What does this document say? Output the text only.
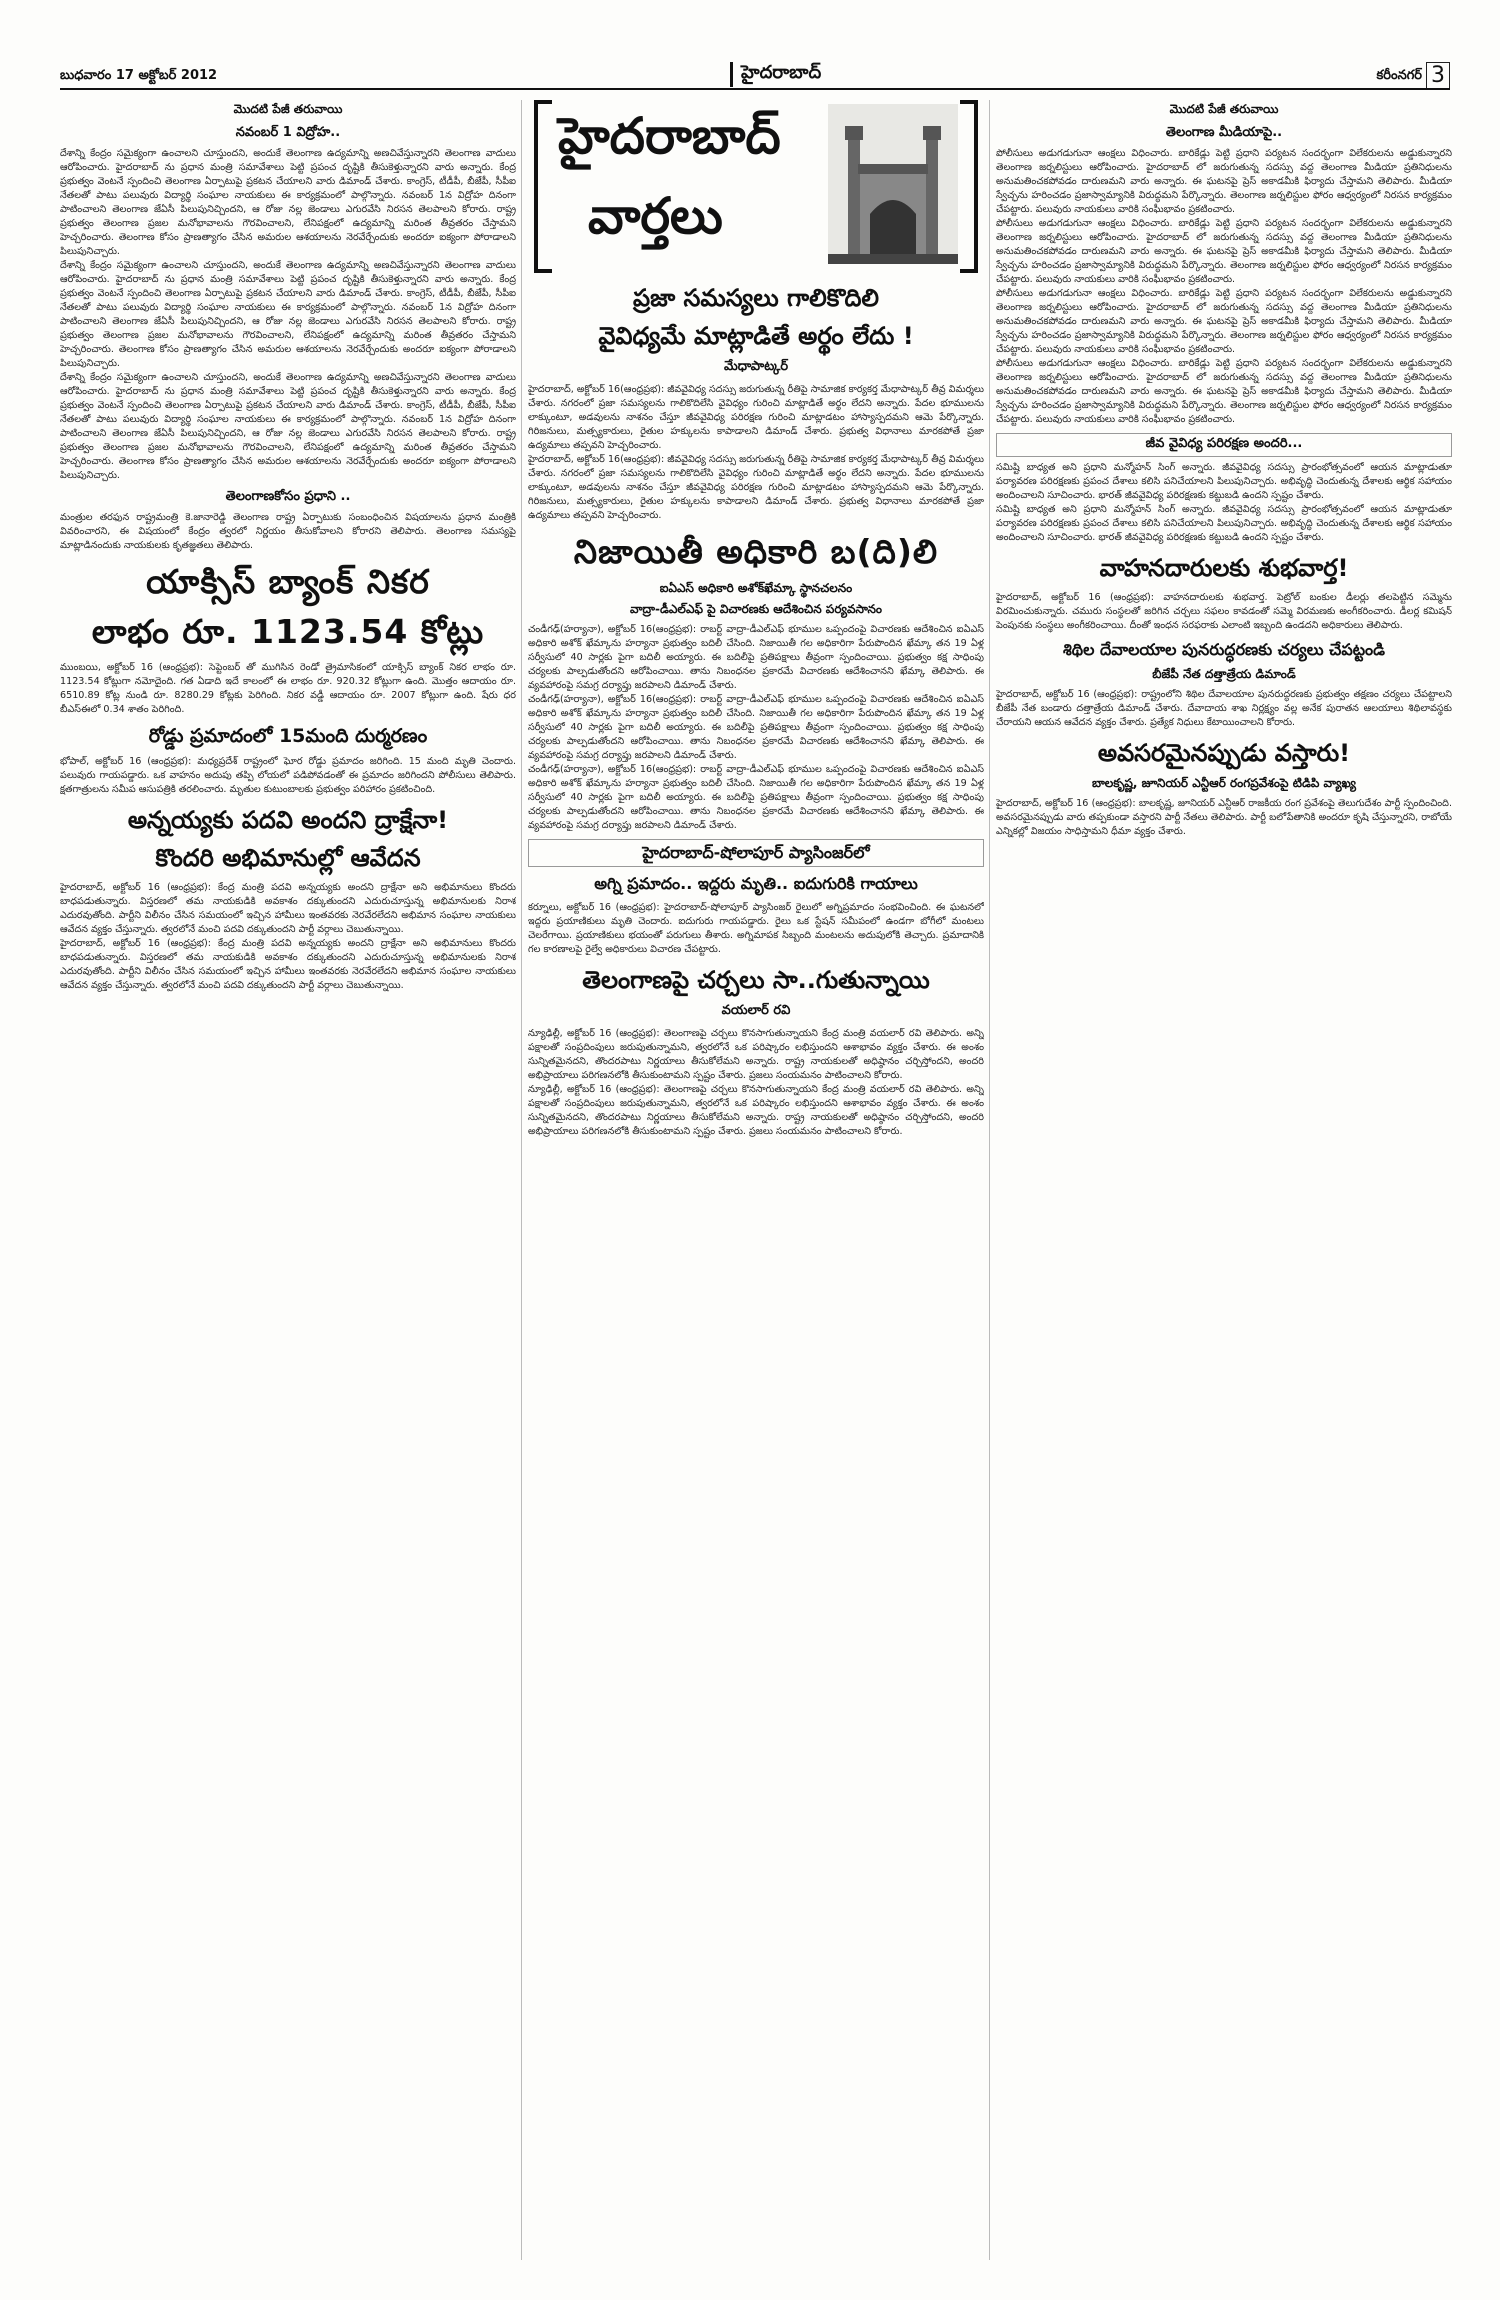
బుధవారం 17 అక్టోబర్ 2012	హైదరాబాద్	కరీంనగర్ 3
మొదటి పేజీ తరువాయి
నవంబర్ 1 విద్రోహ..

దేశాన్ని కేంద్రం సమైక్యంగా ఉంచాలని చూస్తుందని, అందుకే తెలంగాణ ఉద్యమాన్ని అణచివేస్తున్నారని తెలంగాణ వాదులు ఆరోపించారు. హైదరాబాద్ ను ప్రధాన మంత్రి సమావేశాలు పెట్టి ప్రపంచ దృష్టికి తీసుకెళ్తున్నారని వారు అన్నారు. కేంద్ర ప్రభుత్వం వెంటనే స్పందించి తెలంగాణ ఏర్పాటుపై ప్రకటన చేయాలని వారు డిమాండ్ చేశారు. కాంగ్రెస్, టీడీపీ, బీజేపీ, సీపీఐ నేతలతో పాటు పలువురు విద్యార్థి సంఘాల నాయకులు ఈ కార్యక్రమంలో పాల్గొన్నారు. నవంబర్ 1న విద్రోహ దినంగా పాటించాలని తెలంగాణ జేఏసీ పిలుపునిచ్చిందని, ఆ రోజు నల్ల జెండాలు ఎగురవేసి నిరసన తెలపాలని కోరారు. రాష్ట్ర ప్రభుత్వం తెలంగాణ ప్రజల మనోభావాలను గౌరవించాలని, లేనిపక్షంలో ఉద్యమాన్ని మరింత తీవ్రతరం చేస్తామని హెచ్చరించారు. తెలంగాణ కోసం ప్రాణత్యాగం చేసిన అమరుల ఆశయాలను నెరవేర్చేందుకు అందరూ ఐక్యంగా పోరాడాలని పిలుపునిచ్చారు.

దేశాన్ని కేంద్రం సమైక్యంగా ఉంచాలని చూస్తుందని, అందుకే తెలంగాణ ఉద్యమాన్ని అణచివేస్తున్నారని తెలంగాణ వాదులు ఆరోపించారు. హైదరాబాద్ ను ప్రధాన మంత్రి సమావేశాలు పెట్టి ప్రపంచ దృష్టికి తీసుకెళ్తున్నారని వారు అన్నారు. కేంద్ర ప్రభుత్వం వెంటనే స్పందించి తెలంగాణ ఏర్పాటుపై ప్రకటన చేయాలని వారు డిమాండ్ చేశారు. కాంగ్రెస్, టీడీపీ, బీజేపీ, సీపీఐ నేతలతో పాటు పలువురు విద్యార్థి సంఘాల నాయకులు ఈ కార్యక్రమంలో పాల్గొన్నారు. నవంబర్ 1న విద్రోహ దినంగా పాటించాలని తెలంగాణ జేఏసీ పిలుపునిచ్చిందని, ఆ రోజు నల్ల జెండాలు ఎగురవేసి నిరసన తెలపాలని కోరారు. రాష్ట్ర ప్రభుత్వం తెలంగాణ ప్రజల మనోభావాలను గౌరవించాలని, లేనిపక్షంలో ఉద్యమాన్ని మరింత తీవ్రతరం చేస్తామని హెచ్చరించారు. తెలంగాణ కోసం ప్రాణత్యాగం చేసిన అమరుల ఆశయాలను నెరవేర్చేందుకు అందరూ ఐక్యంగా పోరాడాలని పిలుపునిచ్చారు.

దేశాన్ని కేంద్రం సమైక్యంగా ఉంచాలని చూస్తుందని, అందుకే తెలంగాణ ఉద్యమాన్ని అణచివేస్తున్నారని తెలంగాణ వాదులు ఆరోపించారు. హైదరాబాద్ ను ప్రధాన మంత్రి సమావేశాలు పెట్టి ప్రపంచ దృష్టికి తీసుకెళ్తున్నారని వారు అన్నారు. కేంద్ర ప్రభుత్వం వెంటనే స్పందించి తెలంగాణ ఏర్పాటుపై ప్రకటన చేయాలని వారు డిమాండ్ చేశారు. కాంగ్రెస్, టీడీపీ, బీజేపీ, సీపీఐ నేతలతో పాటు పలువురు విద్యార్థి సంఘాల నాయకులు ఈ కార్యక్రమంలో పాల్గొన్నారు. నవంబర్ 1న విద్రోహ దినంగా పాటించాలని తెలంగాణ జేఏసీ పిలుపునిచ్చిందని, ఆ రోజు నల్ల జెండాలు ఎగురవేసి నిరసన తెలపాలని కోరారు. రాష్ట్ర ప్రభుత్వం తెలంగాణ ప్రజల మనోభావాలను గౌరవించాలని, లేనిపక్షంలో ఉద్యమాన్ని మరింత తీవ్రతరం చేస్తామని హెచ్చరించారు. తెలంగాణ కోసం ప్రాణత్యాగం చేసిన అమరుల ఆశయాలను నెరవేర్చేందుకు అందరూ ఐక్యంగా పోరాడాలని పిలుపునిచ్చారు.

తెలంగాణకోసం ప్రధాని ..

మంత్రుల తరఫున రాష్ట్రమంత్రి కె.జానారెడ్డి తెలంగాణ రాష్ట్ర ఏర్పాటుకు సంబంధించిన విషయాలను ప్రధాన మంత్రికి వివరించారని, ఈ విషయంలో కేంద్రం త్వరలో నిర్ణయం తీసుకోవాలని కోరారని తెలిపారు. తెలంగాణ సమస్యపై మాట్లాడినందుకు నాయకులకు కృతజ్ఞతలు తెలిపారు.

యాక్సిస్ బ్యాంక్ నికర
లాభం రూ. 1123.54 కోట్లు

ముంబయి, అక్టోబర్ 16 (ఆంధ్రప్రభ): సెప్టెంబర్ తో ముగిసిన రెండో త్రైమాసికంలో యాక్సిస్ బ్యాంక్ నికర లాభం రూ. 1123.54 కోట్లుగా నమోదైంది. గత ఏడాది ఇదే కాలంలో ఈ లాభం రూ. 920.32 కోట్లుగా ఉంది. మొత్తం ఆదాయం రూ. 6510.89 కోట్ల నుండి రూ. 8280.29 కోట్లకు పెరిగింది. నికర వడ్డీ ఆదాయం రూ. 2007 కోట్లుగా ఉంది. షేరు ధర బీఎస్ఈలో 0.34 శాతం పెరిగింది.

రోడ్డు ప్రమాదంలో 15మంది దుర్మరణం

భోపాల్, అక్టోబర్ 16 (ఆంధ్రప్రభ): మధ్యప్రదేశ్ రాష్ట్రంలో ఘోర రోడ్డు ప్రమాదం జరిగింది. 15 మంది మృతి చెందారు. పలువురు గాయపడ్డారు. ఒక వాహనం అదుపు తప్పి లోయలో పడిపోవడంతో ఈ ప్రమాదం జరిగిందని పోలీసులు తెలిపారు. క్షతగాత్రులను సమీప ఆసుపత్రికి తరలించారు. మృతుల కుటుంబాలకు ప్రభుత్వం పరిహారం ప్రకటించింది.

అన్నయ్యకు పదవి అందని ద్రాక్షేనా!
కొందరి అభిమానుల్లో ఆవేదన

హైదరాబాద్, అక్టోబర్ 16 (ఆంధ్రప్రభ): కేంద్ర మంత్రి పదవి అన్నయ్యకు అందని ద్రాక్షేనా అని అభిమానులు కొందరు బాధపడుతున్నారు. విస్తరణలో తమ నాయకుడికి అవకాశం దక్కుతుందని ఎదురుచూస్తున్న అభిమానులకు నిరాశ ఎదురవుతోంది. పార్టీని విలీనం చేసిన సమయంలో ఇచ్చిన హామీలు ఇంతవరకు నెరవేరలేదని అభిమాన సంఘాల నాయకులు ఆవేదన వ్యక్తం చేస్తున్నారు. త్వరలోనే మంచి పదవి దక్కుతుందని పార్టీ వర్గాలు చెబుతున్నాయి.

హైదరాబాద్, అక్టోబర్ 16 (ఆంధ్రప్రభ): కేంద్ర మంత్రి పదవి అన్నయ్యకు అందని ద్రాక్షేనా అని అభిమానులు కొందరు బాధపడుతున్నారు. విస్తరణలో తమ నాయకుడికి అవకాశం దక్కుతుందని ఎదురుచూస్తున్న అభిమానులకు నిరాశ ఎదురవుతోంది. పార్టీని విలీనం చేసిన సమయంలో ఇచ్చిన హామీలు ఇంతవరకు నెరవేరలేదని అభిమాన సంఘాల నాయకులు ఆవేదన వ్యక్తం చేస్తున్నారు. త్వరలోనే మంచి పదవి దక్కుతుందని పార్టీ వర్గాలు చెబుతున్నాయి.

హైదరాబాద్
వార్తలు
ప్రజా సమస్యలు గాలికొదిలి
వైవిధ్యమే మాట్లాడితే అర్థం లేదు !
మేధాపాట్కర్

హైదరాబాద్, అక్టోబర్ 16(ఆంధ్రప్రభ): జీవవైవిధ్య సదస్సు జరుగుతున్న రీతిపై సామాజిక కార్యకర్త మేధాపాట్కర్ తీవ్ర విమర్శలు చేశారు. నగరంలో ప్రజా సమస్యలను గాలికొదిలేసి వైవిధ్యం గురించి మాట్లాడితే అర్థం లేదని అన్నారు. పేదల భూములను లాక్కుంటూ, అడవులను నాశనం చేస్తూ జీవవైవిధ్య పరిరక్షణ గురించి మాట్లాడటం హాస్యాస్పదమని ఆమె పేర్కొన్నారు. గిరిజనులు, మత్స్యకారులు, రైతుల హక్కులను కాపాడాలని డిమాండ్ చేశారు. ప్రభుత్వ విధానాలు మారకపోతే ప్రజా ఉద్యమాలు తప్పవని హెచ్చరించారు.

హైదరాబాద్, అక్టోబర్ 16(ఆంధ్రప్రభ): జీవవైవిధ్య సదస్సు జరుగుతున్న రీతిపై సామాజిక కార్యకర్త మేధాపాట్కర్ తీవ్ర విమర్శలు చేశారు. నగరంలో ప్రజా సమస్యలను గాలికొదిలేసి వైవిధ్యం గురించి మాట్లాడితే అర్థం లేదని అన్నారు. పేదల భూములను లాక్కుంటూ, అడవులను నాశనం చేస్తూ జీవవైవిధ్య పరిరక్షణ గురించి మాట్లాడటం హాస్యాస్పదమని ఆమె పేర్కొన్నారు. గిరిజనులు, మత్స్యకారులు, రైతుల హక్కులను కాపాడాలని డిమాండ్ చేశారు. ప్రభుత్వ విధానాలు మారకపోతే ప్రజా ఉద్యమాలు తప్పవని హెచ్చరించారు.

నిజాయితీ అధికారి బ(ది)లి
ఐఏఎస్ అధికారి అశోక్‌ఖేమ్కా స్థానచలనం
వాద్రా-డీఎల్ఎఫ్ పై విచారణకు ఆదేశించిన పర్యవసానం

చండీగఢ్(హర్యానా), అక్టోబర్ 16(ఆంధ్రప్రభ): రాబర్ట్ వాద్రా-డీఎల్ఎఫ్ భూముల ఒప్పందంపై విచారణకు ఆదేశించిన ఐఏఎస్ అధికారి అశోక్ ఖేమ్కాను హర్యానా ప్రభుత్వం బదిలీ చేసింది. నిజాయితీ గల అధికారిగా పేరుపొందిన ఖేమ్కా తన 19 ఏళ్ల సర్వీసులో 40 సార్లకు పైగా బదిలీ అయ్యారు. ఈ బదిలీపై ప్రతిపక్షాలు తీవ్రంగా స్పందించాయి. ప్రభుత్వం కక్ష సాధింపు చర్యలకు పాల్పడుతోందని ఆరోపించాయి. తాను నిబంధనల ప్రకారమే విచారణకు ఆదేశించానని ఖేమ్కా తెలిపారు. ఈ వ్యవహారంపై సమగ్ర దర్యాప్తు జరపాలని డిమాండ్ చేశారు.

చండీగఢ్(హర్యానా), అక్టోబర్ 16(ఆంధ్రప్రభ): రాబర్ట్ వాద్రా-డీఎల్ఎఫ్ భూముల ఒప్పందంపై విచారణకు ఆదేశించిన ఐఏఎస్ అధికారి అశోక్ ఖేమ్కాను హర్యానా ప్రభుత్వం బదిలీ చేసింది. నిజాయితీ గల అధికారిగా పేరుపొందిన ఖేమ్కా తన 19 ఏళ్ల సర్వీసులో 40 సార్లకు పైగా బదిలీ అయ్యారు. ఈ బదిలీపై ప్రతిపక్షాలు తీవ్రంగా స్పందించాయి. ప్రభుత్వం కక్ష సాధింపు చర్యలకు పాల్పడుతోందని ఆరోపించాయి. తాను నిబంధనల ప్రకారమే విచారణకు ఆదేశించానని ఖేమ్కా తెలిపారు. ఈ వ్యవహారంపై సమగ్ర దర్యాప్తు జరపాలని డిమాండ్ చేశారు.

చండీగఢ్(హర్యానా), అక్టోబర్ 16(ఆంధ్రప్రభ): రాబర్ట్ వాద్రా-డీఎల్ఎఫ్ భూముల ఒప్పందంపై విచారణకు ఆదేశించిన ఐఏఎస్ అధికారి అశోక్ ఖేమ్కాను హర్యానా ప్రభుత్వం బదిలీ చేసింది. నిజాయితీ గల అధికారిగా పేరుపొందిన ఖేమ్కా తన 19 ఏళ్ల సర్వీసులో 40 సార్లకు పైగా బదిలీ అయ్యారు. ఈ బదిలీపై ప్రతిపక్షాలు తీవ్రంగా స్పందించాయి. ప్రభుత్వం కక్ష సాధింపు చర్యలకు పాల్పడుతోందని ఆరోపించాయి. తాను నిబంధనల ప్రకారమే విచారణకు ఆదేశించానని ఖేమ్కా తెలిపారు. ఈ వ్యవహారంపై సమగ్ర దర్యాప్తు జరపాలని డిమాండ్ చేశారు.

హైదరాబాద్-షోలాపూర్ ప్యాసింజర్‌లో
అగ్ని ప్రమాదం.. ఇద్దరు మృతి.. ఐదుగురికి గాయాలు

కర్నూలు, అక్టోబర్ 16 (ఆంధ్రప్రభ): హైదరాబాద్-షోలాపూర్ ప్యాసింజర్ రైలులో అగ్నిప్రమాదం సంభవించింది. ఈ ఘటనలో ఇద్దరు ప్రయాణికులు మృతి చెందారు. ఐదుగురు గాయపడ్డారు. రైలు ఒక స్టేషన్ సమీపంలో ఉండగా బోగీలో మంటలు చెలరేగాయి. ప్రయాణికులు భయంతో పరుగులు తీశారు. అగ్నిమాపక సిబ్బంది మంటలను అదుపులోకి తెచ్చారు. ప్రమాదానికి గల కారణాలపై రైల్వే అధికారులు విచారణ చేపట్టారు.

తెలంగాణపై చర్చలు సా..గుతున్నాయి
వయలార్ రవి

న్యూఢిల్లీ, అక్టోబర్ 16 (ఆంధ్రప్రభ): తెలంగాణపై చర్చలు కొనసాగుతున్నాయని కేంద్ర మంత్రి వయలార్ రవి తెలిపారు. అన్ని పక్షాలతో సంప్రదింపులు జరుపుతున్నామని, త్వరలోనే ఒక పరిష్కారం లభిస్తుందని ఆశాభావం వ్యక్తం చేశారు. ఈ అంశం సున్నితమైనదని, తొందరపాటు నిర్ణయాలు తీసుకోలేమని అన్నారు. రాష్ట్ర నాయకులతో అధిష్ఠానం చర్చిస్తోందని, అందరి అభిప్రాయాలు పరిగణనలోకి తీసుకుంటామని స్పష్టం చేశారు. ప్రజలు సంయమనం పాటించాలని కోరారు.

న్యూఢిల్లీ, అక్టోబర్ 16 (ఆంధ్రప్రభ): తెలంగాణపై చర్చలు కొనసాగుతున్నాయని కేంద్ర మంత్రి వయలార్ రవి తెలిపారు. అన్ని పక్షాలతో సంప్రదింపులు జరుపుతున్నామని, త్వరలోనే ఒక పరిష్కారం లభిస్తుందని ఆశాభావం వ్యక్తం చేశారు. ఈ అంశం సున్నితమైనదని, తొందరపాటు నిర్ణయాలు తీసుకోలేమని అన్నారు. రాష్ట్ర నాయకులతో అధిష్ఠానం చర్చిస్తోందని, అందరి అభిప్రాయాలు పరిగణనలోకి తీసుకుంటామని స్పష్టం చేశారు. ప్రజలు సంయమనం పాటించాలని కోరారు.

మొదటి పేజీ తరువాయి
తెలంగాణ మీడియాపై..

పోలీసులు అడుగడుగునా ఆంక్షలు విధించారు. బారికేడ్లు పెట్టి ప్రధాని పర్యటన సందర్భంగా విలేకరులను అడ్డుకున్నారని తెలంగాణ జర్నలిస్టులు ఆరోపించారు. హైదరాబాద్ లో జరుగుతున్న సదస్సు వద్ద తెలంగాణ మీడియా ప్రతినిధులను అనుమతించకపోవడం దారుణమని వారు అన్నారు. ఈ ఘటనపై ప్రెస్ అకాడమీకి ఫిర్యాదు చేస్తామని తెలిపారు. మీడియా స్వేచ్ఛను హరించడం ప్రజాస్వామ్యానికి విరుద్ధమని పేర్కొన్నారు. తెలంగాణ జర్నలిస్టుల ఫోరం ఆధ్వర్యంలో నిరసన కార్యక్రమం చేపట్టారు. పలువురు నాయకులు వారికి సంఘీభావం ప్రకటించారు.

పోలీసులు అడుగడుగునా ఆంక్షలు విధించారు. బారికేడ్లు పెట్టి ప్రధాని పర్యటన సందర్భంగా విలేకరులను అడ్డుకున్నారని తెలంగాణ జర్నలిస్టులు ఆరోపించారు. హైదరాబాద్ లో జరుగుతున్న సదస్సు వద్ద తెలంగాణ మీడియా ప్రతినిధులను అనుమతించకపోవడం దారుణమని వారు అన్నారు. ఈ ఘటనపై ప్రెస్ అకాడమీకి ఫిర్యాదు చేస్తామని తెలిపారు. మీడియా స్వేచ్ఛను హరించడం ప్రజాస్వామ్యానికి విరుద్ధమని పేర్కొన్నారు. తెలంగాణ జర్నలిస్టుల ఫోరం ఆధ్వర్యంలో నిరసన కార్యక్రమం చేపట్టారు. పలువురు నాయకులు వారికి సంఘీభావం ప్రకటించారు.

పోలీసులు అడుగడుగునా ఆంక్షలు విధించారు. బారికేడ్లు పెట్టి ప్రధాని పర్యటన సందర్భంగా విలేకరులను అడ్డుకున్నారని తెలంగాణ జర్నలిస్టులు ఆరోపించారు. హైదరాబాద్ లో జరుగుతున్న సదస్సు వద్ద తెలంగాణ మీడియా ప్రతినిధులను అనుమతించకపోవడం దారుణమని వారు అన్నారు. ఈ ఘటనపై ప్రెస్ అకాడమీకి ఫిర్యాదు చేస్తామని తెలిపారు. మీడియా స్వేచ్ఛను హరించడం ప్రజాస్వామ్యానికి విరుద్ధమని పేర్కొన్నారు. తెలంగాణ జర్నలిస్టుల ఫోరం ఆధ్వర్యంలో నిరసన కార్యక్రమం చేపట్టారు. పలువురు నాయకులు వారికి సంఘీభావం ప్రకటించారు.

పోలీసులు అడుగడుగునా ఆంక్షలు విధించారు. బారికేడ్లు పెట్టి ప్రధాని పర్యటన సందర్భంగా విలేకరులను అడ్డుకున్నారని తెలంగాణ జర్నలిస్టులు ఆరోపించారు. హైదరాబాద్ లో జరుగుతున్న సదస్సు వద్ద తెలంగాణ మీడియా ప్రతినిధులను అనుమతించకపోవడం దారుణమని వారు అన్నారు. ఈ ఘటనపై ప్రెస్ అకాడమీకి ఫిర్యాదు చేస్తామని తెలిపారు. మీడియా స్వేచ్ఛను హరించడం ప్రజాస్వామ్యానికి విరుద్ధమని పేర్కొన్నారు. తెలంగాణ జర్నలిస్టుల ఫోరం ఆధ్వర్యంలో నిరసన కార్యక్రమం చేపట్టారు. పలువురు నాయకులు వారికి సంఘీభావం ప్రకటించారు.

జీవ వైవిధ్య పరిరక్షణ అందరి...

సమిష్టి బాధ్యత అని ప్రధాని మన్మోహన్ సింగ్ అన్నారు. జీవవైవిధ్య సదస్సు ప్రారంభోత్సవంలో ఆయన మాట్లాడుతూ పర్యావరణ పరిరక్షణకు ప్రపంచ దేశాలు కలిసి పనిచేయాలని పిలుపునిచ్చారు. అభివృద్ధి చెందుతున్న దేశాలకు ఆర్థిక సహాయం అందించాలని సూచించారు. భారత్ జీవవైవిధ్య పరిరక్షణకు కట్టుబడి ఉందని స్పష్టం చేశారు.

సమిష్టి బాధ్యత అని ప్రధాని మన్మోహన్ సింగ్ అన్నారు. జీవవైవిధ్య సదస్సు ప్రారంభోత్సవంలో ఆయన మాట్లాడుతూ పర్యావరణ పరిరక్షణకు ప్రపంచ దేశాలు కలిసి పనిచేయాలని పిలుపునిచ్చారు. అభివృద్ధి చెందుతున్న దేశాలకు ఆర్థిక సహాయం అందించాలని సూచించారు. భారత్ జీవవైవిధ్య పరిరక్షణకు కట్టుబడి ఉందని స్పష్టం చేశారు.

వాహనదారులకు శుభవార్త!

హైదరాబాద్, అక్టోబర్ 16 (ఆంధ్రప్రభ): వాహనదారులకు శుభవార్త. పెట్రోల్ బంకుల డీలర్లు తలపెట్టిన సమ్మెను విరమించుకున్నారు. చమురు సంస్థలతో జరిగిన చర్చలు సఫలం కావడంతో సమ్మె విరమణకు అంగీకరించారు. డీలర్ల కమిషన్ పెంపునకు సంస్థలు అంగీకరించాయి. దీంతో ఇంధన సరఫరాకు ఎలాంటి ఇబ్బంది ఉండదని అధికారులు తెలిపారు.

శిథిల దేవాలయాల పునరుద్ధరణకు చర్యలు చేపట్టండి
బీజేపీ నేత దత్తాత్రేయ డిమాండ్

హైదరాబాద్, అక్టోబర్ 16 (ఆంధ్రప్రభ): రాష్ట్రంలోని శిథిల దేవాలయాల పునరుద్ధరణకు ప్రభుత్వం తక్షణం చర్యలు చేపట్టాలని బీజేపీ నేత బండారు దత్తాత్రేయ డిమాండ్ చేశారు. దేవాదాయ శాఖ నిర్లక్ష్యం వల్ల అనేక పురాతన ఆలయాలు శిథిలావస్థకు చేరాయని ఆయన ఆవేదన వ్యక్తం చేశారు. ప్రత్యేక నిధులు కేటాయించాలని కోరారు.

అవసరమైనప్పుడు వస్తారు!
బాలకృష్ణ, జూనియర్ ఎన్టీఆర్ రంగప్రవేశంపై టిడిపి వ్యాఖ్య

హైదరాబాద్, అక్టోబర్ 16 (ఆంధ్రప్రభ): బాలకృష్ణ, జూనియర్ ఎన్టీఆర్ రాజకీయ రంగ ప్రవేశంపై తెలుగుదేశం పార్టీ స్పందించింది. అవసరమైనప్పుడు వారు తప్పకుండా వస్తారని పార్టీ నేతలు తెలిపారు. పార్టీ బలోపేతానికి అందరూ కృషి చేస్తున్నారని, రాబోయే ఎన్నికల్లో విజయం సాధిస్తామని ధీమా వ్యక్తం చేశారు.
